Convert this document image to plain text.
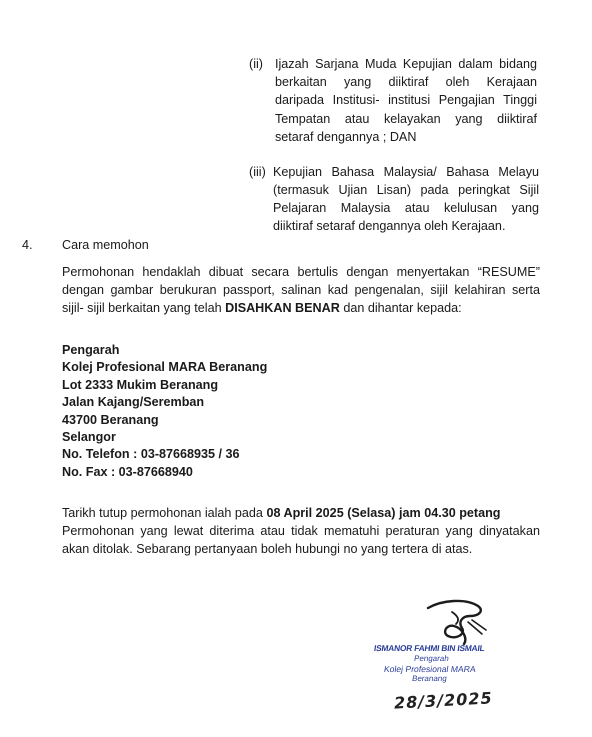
(ii) Ijazah Sarjana Muda Kepujian dalam bidang
berkaitan yang diiktiraf oleh Kerajaan
daripada Institusi- institusi Pengajian Tinggi
Tempatan atau kelayakan yang diiktiraf
setaraf dengannya ; DAN
(iii) Kepujian Bahasa Malaysia/ Bahasa Melayu
(termasuk Ujian Lisan) pada peringkat Sijil
Pelajaran Malaysia atau kelulusan yang
diiktiraf setaraf dengannya oleh Kerajaan.
4. Cara memohon
Permohonan hendaklah dibuat secara bertulis dengan menyertakan “RESUME”
dengan gambar berukuran passport, salinan kad pengenalan, sijil kelahiran serta
sijil- sijil berkaitan yang telah DISAHKAN BENAR dan dihantar kepada:
Pengarah
Kolej Profesional MARA Beranang
Lot 2333 Mukim Beranang
Jalan Kajang/Seremban
43700 Beranang
Selangor
No. Telefon : 03-87668935 / 36
No. Fax : 03-87668940
Tarikh tutup permohonan ialah pada 08 April 2025 (Selasa) jam 04.30 petang
Permohonan yang lewat diterima atau tidak mematuhi peraturan yang dinyatakan
akan ditolak. Sebarang pertanyaan boleh hubungi no yang tertera di atas.
ISMANOR FAHMI BIN ISMAIL
Pengarah
Kolej Profesional MARA
Beranang
28/3/2025
